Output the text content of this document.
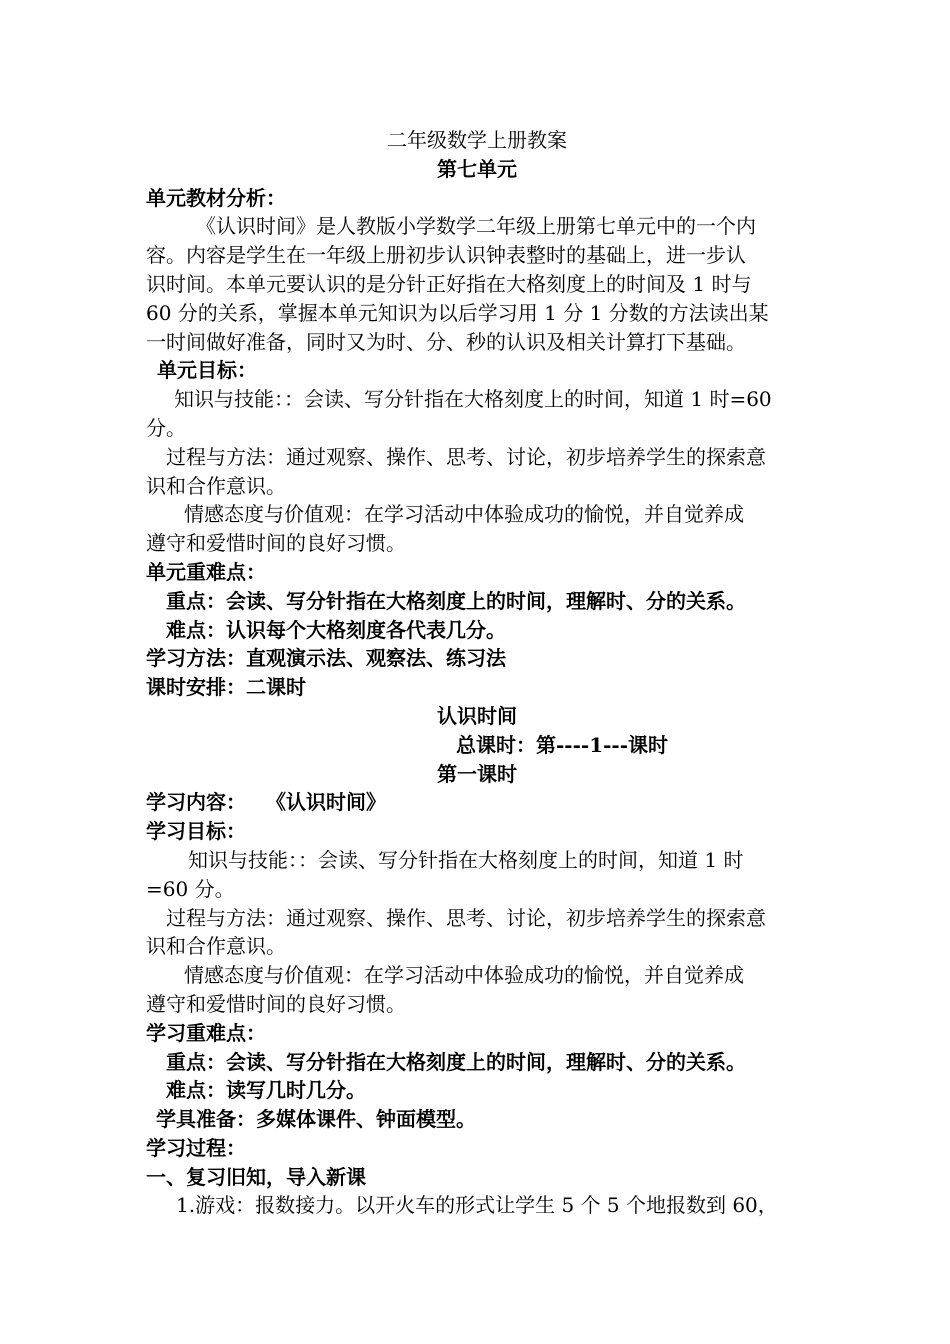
二年级数学上册教案
第七单元
单元教材分析：
《认识时间》是人教版小学数学二年级上册第七单元中的一个内
容。内容是学生在一年级上册初步认识钟表整时的基础上，进一步认
识时间。本单元要认识的是分针正好指在大格刻度上的时间及 1 时与
60 分的关系，掌握本单元知识为以后学习用 1 分 1 分数的方法读出某
一时间做好准备，同时又为时、分、秒的认识及相关计算打下基础。
单元目标：
知识与技能：：会读、写分针指在大格刻度上的时间，知道 1 时=60
分。
过程与方法：通过观察、操作、思考、讨论，初步培养学生的探索意
识和合作意识。
情感态度与价值观：在学习活动中体验成功的愉悦，并自觉养成
遵守和爱惜时间的良好习惯。
单元重难点：
重点：会读、写分针指在大格刻度上的时间，理解时、分的关系。
难点：认识每个大格刻度各代表几分。
学习方法：直观演示法、观察法、练习法
课时安排：二课时
认识时间
总课时：第----1---课时
第一课时
学习内容： 《认识时间》
学习目标：
知识与技能：：会读、写分针指在大格刻度上的时间，知道 1 时
=60 分。
过程与方法：通过观察、操作、思考、讨论，初步培养学生的探索意
识和合作意识。
情感态度与价值观：在学习活动中体验成功的愉悦，并自觉养成
遵守和爱惜时间的良好习惯。
学习重难点：
重点：会读、写分针指在大格刻度上的时间，理解时、分的关系。
难点：读写几时几分。
学具准备：多媒体课件、钟面模型。
学习过程：
一、复习旧知，导入新课
1.游戏：报数接力。以开火车的形式让学生 5 个 5 个地报数到 60，
